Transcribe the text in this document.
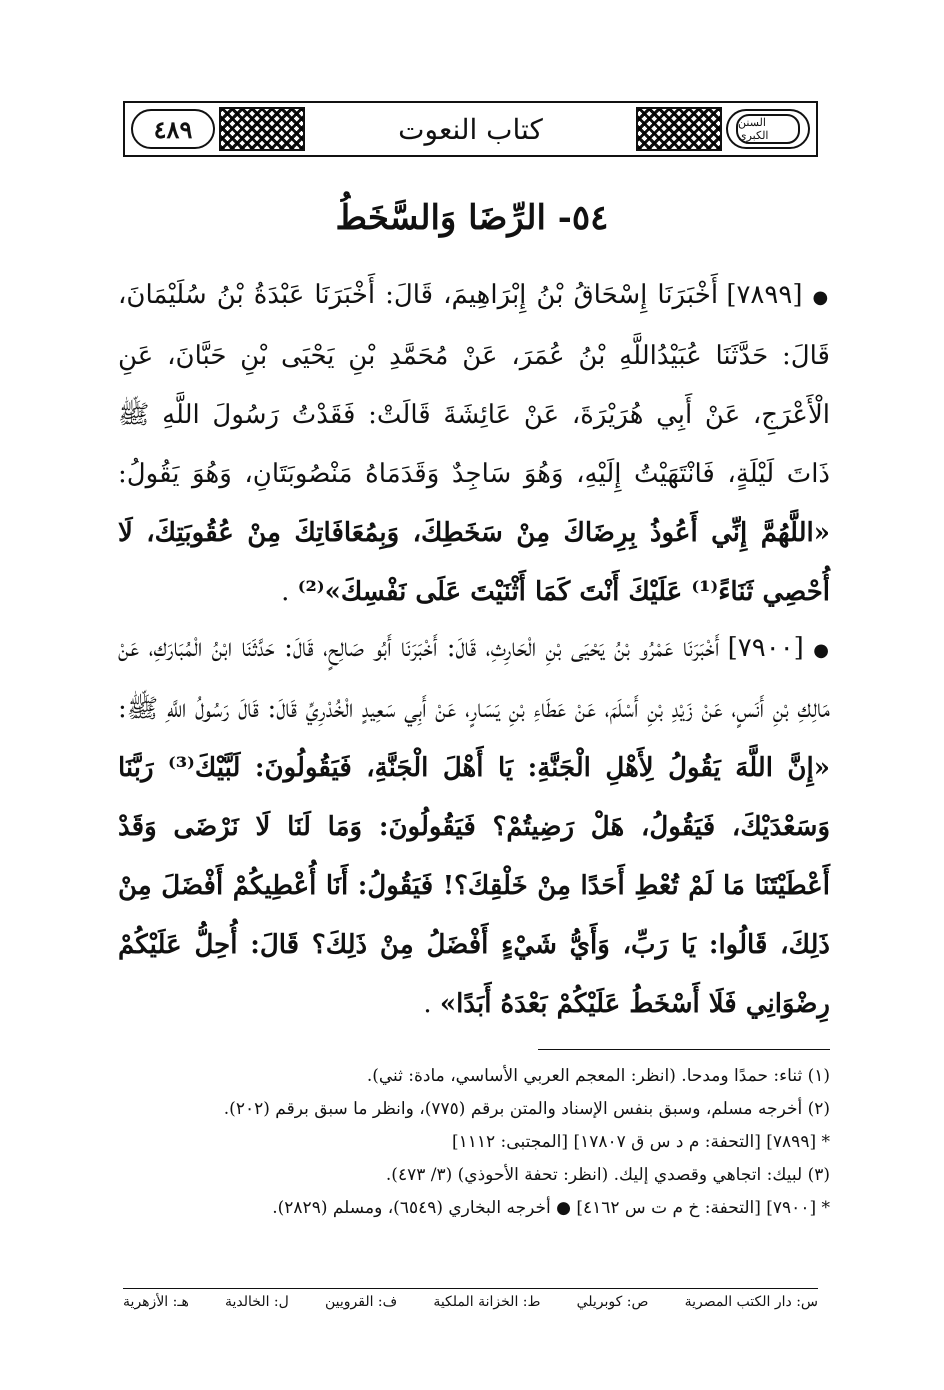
٤٨٩	كتاب النعوت	السنن الكبرى
٥٤- الرِّضَا وَالسَّخَطُ
● [٧٨٩٩] أَخْبَرَنَا إِسْحَاقُ بْنُ إِبْرَاهِيمَ، قَالَ: أَخْبَرَنَا عَبْدَةُ بْنُ سُلَيْمَانَ، قَالَ: حَدَّثَنَا عُبَيْدُاللَّهِ بْنُ عُمَرَ، عَنْ مُحَمَّدِ بْنِ يَحْيَى بْنِ حَبَّانَ، عَنِ الْأَعْرَجِ، عَنْ أَبِي هُرَيْرَةَ، عَنْ عَائِشَةَ قَالَتْ: فَقَدْتُ رَسُولَ اللَّهِ ﷺ ذَاتَ لَيْلَةٍ، فَانْتَهَيْتُ إِلَيْهِ، وَهُوَ سَاجِدٌ وَقَدَمَاهُ مَنْصُوبَتَانِ، وَهُوَ يَقُولُ: «اللَّهُمَّ إِنِّي أَعُوذُ بِرِضَاكَ مِنْ سَخَطِكَ، وَبِمُعَافَاتِكَ مِنْ عُقُوبَتِكَ، لَا أُحْصِي ثَنَاءً⁽¹⁾ عَلَيْكَ أَنْتَ كَمَا أَثْنَيْتَ عَلَى نَفْسِكَ»⁽²⁾ .
● [٧٩٠٠] أَخْبَرَنَا عَمْرُو بْنُ يَحْيَى بْنِ الْحَارِثِ، قَالَ: أَخْبَرَنَا أَبُو صَالِحٍ، قَالَ: حَدَّثَنَا ابْنُ الْمُبَارَكِ، عَنْ مَالِكِ بْنِ أَنَسٍ، عَنْ زَيْدِ بْنِ أَسْلَمَ، عَنْ عَطَاءِ بْنِ يَسَارٍ، عَنْ أَبِي سَعِيدٍ الْخُدْرِيِّ قَالَ: قَالَ رَسُولُ اللَّهِ ﷺ: «إِنَّ اللَّهَ يَقُولُ لِأَهْلِ الْجَنَّةِ: يَا أَهْلَ الْجَنَّةِ، فَيَقُولُونَ: لَبَّيْكَ⁽³⁾ رَبَّنَا وَسَعْدَيْكَ، فَيَقُولُ، هَلْ رَضِيتُمْ؟ فَيَقُولُونَ: وَمَا لَنَا لَا نَرْضَى وَقَدْ أَعْطَيْتَنَا مَا لَمْ تُعْطِ أَحَدًا مِنْ خَلْقِكَ؟! فَيَقُولُ: أَنَا أُعْطِيكُمْ أَفْضَلَ مِنْ ذَلِكَ، قَالُوا: يَا رَبِّ، وَأَيُّ شَيْءٍ أَفْضَلُ مِنْ ذَلِكَ؟ قَالَ: أُحِلُّ عَلَيْكُمْ رِضْوَانِي فَلَا أَسْخَطُ عَلَيْكُمْ بَعْدَهُ أَبَدًا» .
(١) ثناء: حمدًا ومدحا. (انظر: المعجم العربي الأساسي، مادة: ثني).
(٢) أخرجه مسلم، وسبق بنفس الإسناد والمتن برقم (٧٧٥)، وانظر ما سبق برقم (٢٠٢).
* [٧٨٩٩] [التحفة: م د س ق ١٧٨٠٧] [المجتبى: ١١١٢]
(٣) لبيك: اتجاهي وقصدي إليك. (انظر: تحفة الأحوذي) (٣/ ٤٧٣).
* [٧٩٠٠] [التحفة: خ م ت س ٤١٦٢] ● أخرجه البخاري (٦٥٤٩)، ومسلم (٢٨٢٩).
س: دار الكتب المصرية
ص: كوبريلي
ط: الخزانة الملكية
ف: القرويين
ل: الخالدية
هـ: الأزهرية
